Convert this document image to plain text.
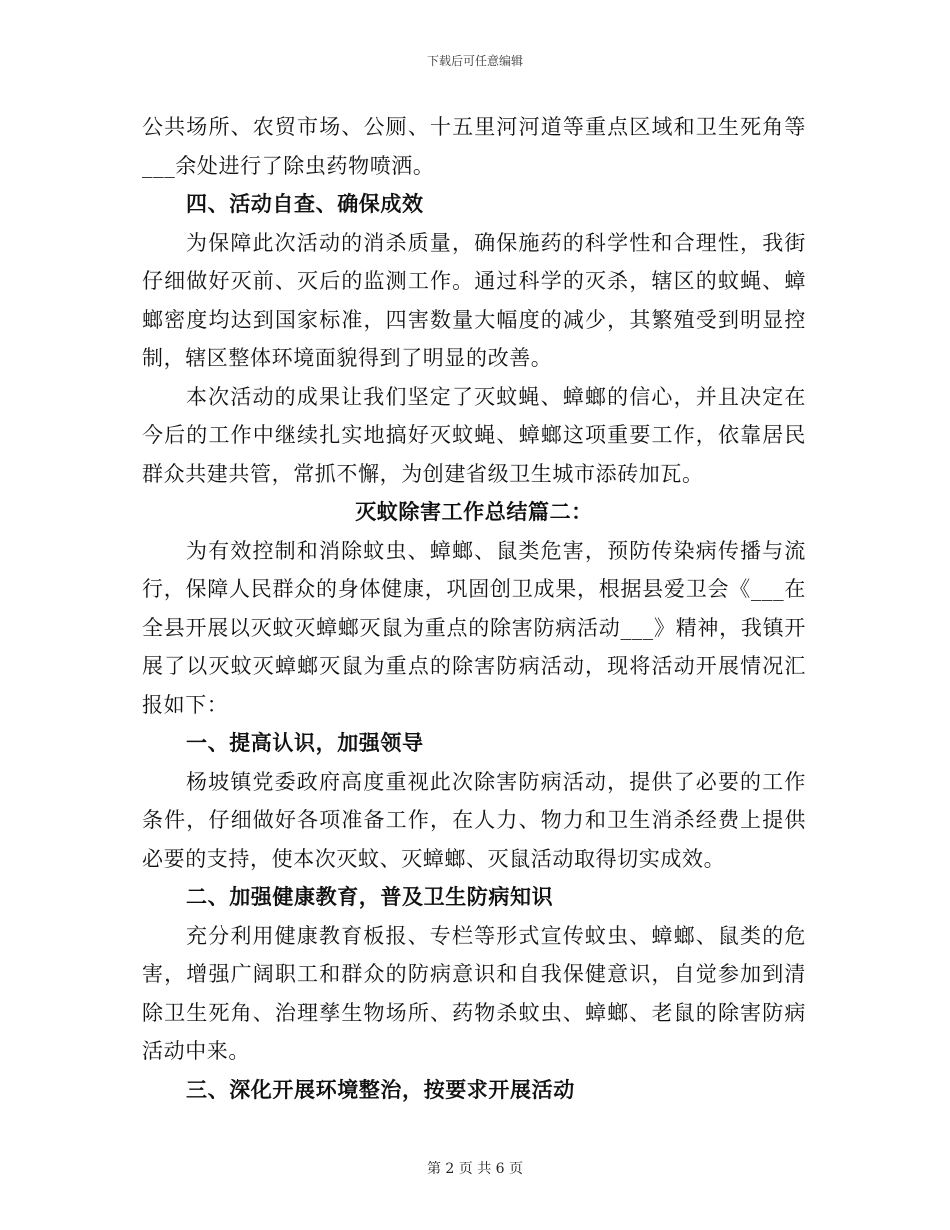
下载后可任意编辑

公共场所、农贸市场、公厕、十五里河河道等重点区域和卫生死角等___余处进行了除虫药物喷洒。

四、活动自查、确保成效

为保障此次活动的消杀质量，确保施药的科学性和合理性，我街仔细做好灭前、灭后的监测工作。通过科学的灭杀，辖区的蚊蝇、蟑螂密度均达到国家标准，四害数量大幅度的减少，其繁殖受到明显控制，辖区整体环境面貌得到了明显的改善。

本次活动的成果让我们坚定了灭蚊蝇、蟑螂的信心，并且决定在今后的工作中继续扎实地搞好灭蚊蝇、蟑螂这项重要工作，依靠居民群众共建共管，常抓不懈，为创建省级卫生城市添砖加瓦。

灭蚊除害工作总结篇二：

为有效控制和消除蚊虫、蟑螂、鼠类危害，预防传染病传播与流行，保障人民群众的身体健康，巩固创卫成果，根据县爱卫会《___在全县开展以灭蚊灭蟑螂灭鼠为重点的除害防病活动___》精神，我镇开展了以灭蚊灭蟑螂灭鼠为重点的除害防病活动，现将活动开展情况汇报如下：

一、提高认识，加强领导

杨坡镇党委政府高度重视此次除害防病活动，提供了必要的工作条件，仔细做好各项准备工作，在人力、物力和卫生消杀经费上提供必要的支持，使本次灭蚊、灭蟑螂、灭鼠活动取得切实成效。

二、加强健康教育，普及卫生防病知识

充分利用健康教育板报、专栏等形式宣传蚊虫、蟑螂、鼠类的危害，增强广阔职工和群众的防病意识和自我保健意识，自觉参加到清除卫生死角、治理孳生物场所、药物杀蚊虫、蟑螂、老鼠的除害防病活动中来。

三、深化开展环境整治，按要求开展活动

第 2 页 共 6 页
